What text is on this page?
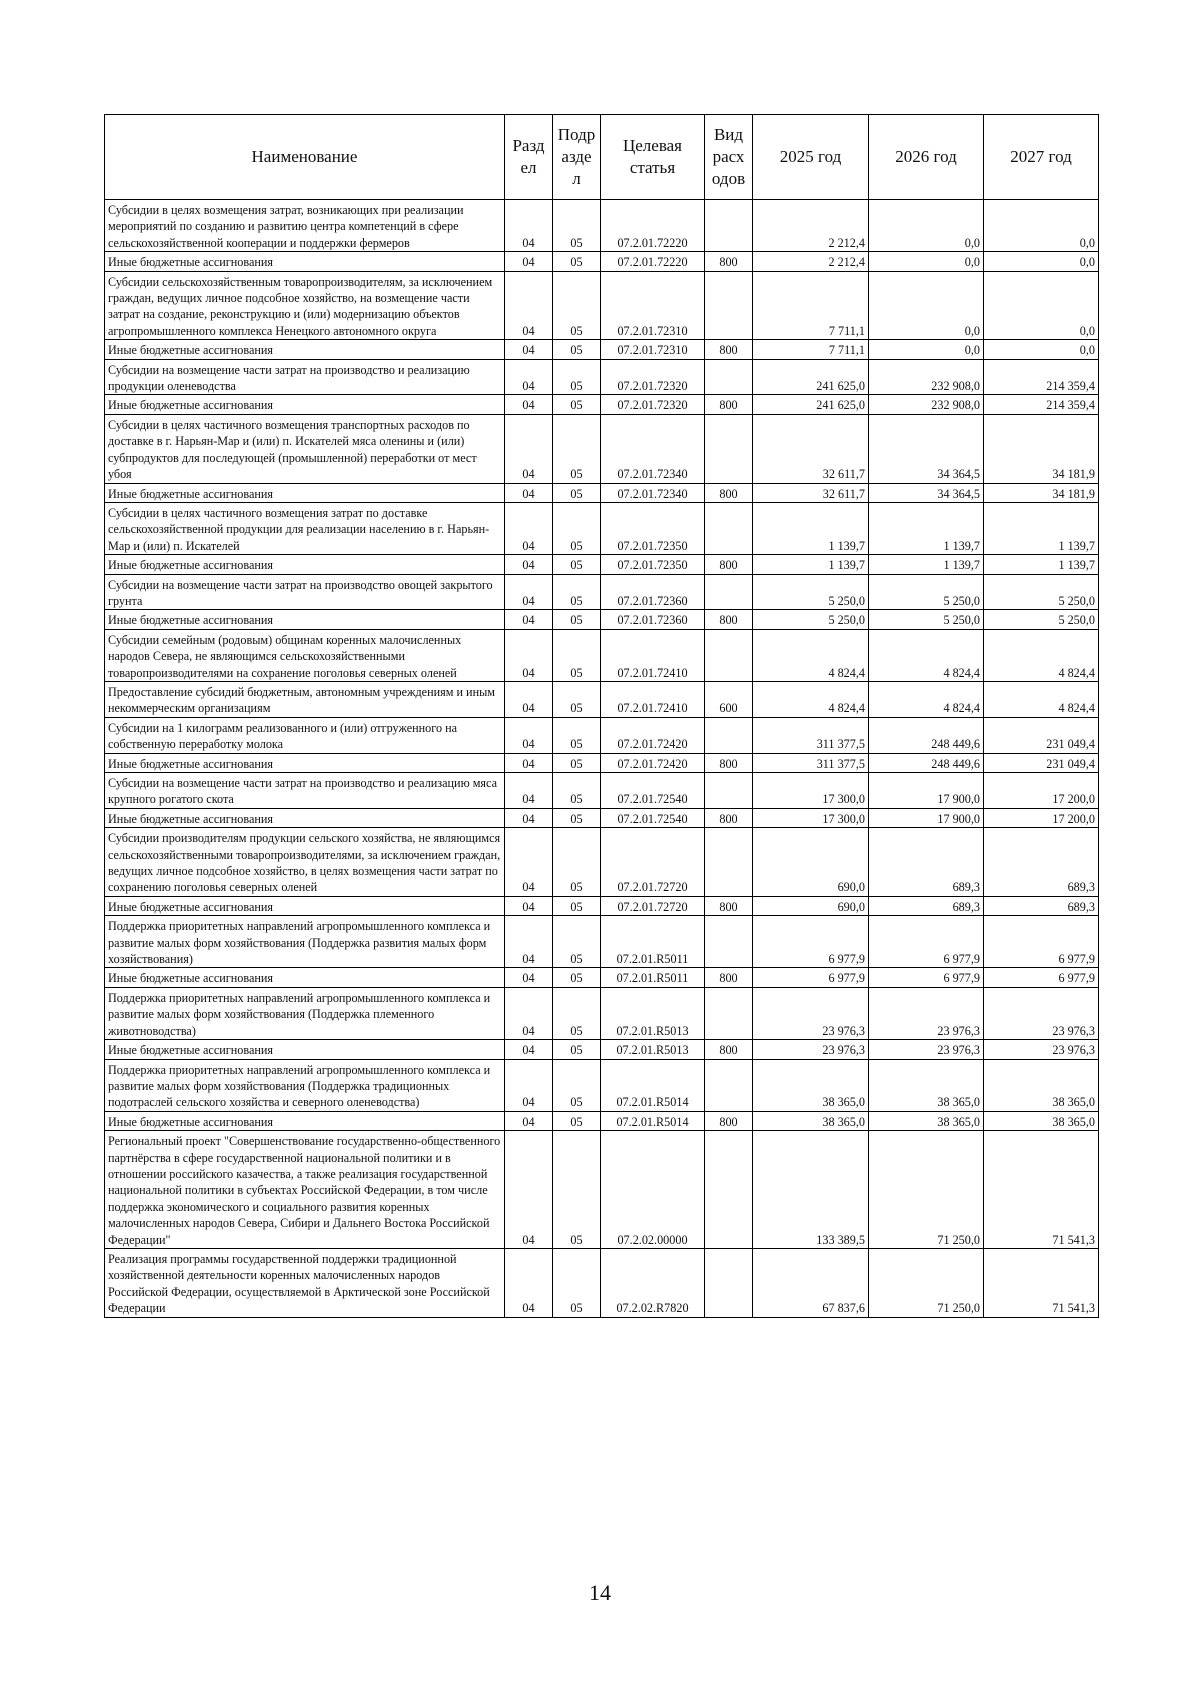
Наименование	Разд ел	Подр азде л	Целевая статья	Вид расх одов	2025 год	2026 год	2027 год
Субсидии в целях возмещения затрат, возникающих при реализации мероприятий по созданию и развитию центра компетенций в сфере сельскохозяйственной кооперации и поддержки фермеров	04	05	07.2.01.72220		2 212,4	0,0	0,0
Иные бюджетные ассигнования	04	05	07.2.01.72220	800	2 212,4	0,0	0,0
Субсидии сельскохозяйственным товаропроизводителям, за исключением граждан, ведущих личное подсобное хозяйство, на возмещение части затрат на создание, реконструкцию и (или) модернизацию объектов агропромышленного комплекса Ненецкого автономного округа	04	05	07.2.01.72310		7 711,1	0,0	0,0
Иные бюджетные ассигнования	04	05	07.2.01.72310	800	7 711,1	0,0	0,0
Субсидии на возмещение части затрат на производство и реализацию продукции оленеводства	04	05	07.2.01.72320		241 625,0	232 908,0	214 359,4
Иные бюджетные ассигнования	04	05	07.2.01.72320	800	241 625,0	232 908,0	214 359,4
Субсидии в целях частичного возмещения транспортных расходов по доставке в г. Нарьян-Мар и (или) п. Искателей мяса оленины и (или) субпродуктов для последующей (промышленной) переработки от мест убоя	04	05	07.2.01.72340		32 611,7	34 364,5	34 181,9
Иные бюджетные ассигнования	04	05	07.2.01.72340	800	32 611,7	34 364,5	34 181,9
Субсидии в целях частичного возмещения затрат по доставке сельскохозяйственной продукции для реализации населению в г. Нарьян-Мар и (или) п. Искателей	04	05	07.2.01.72350		1 139,7	1 139,7	1 139,7
Иные бюджетные ассигнования	04	05	07.2.01.72350	800	1 139,7	1 139,7	1 139,7
Субсидии на возмещение части затрат на производство овощей закрытого грунта	04	05	07.2.01.72360		5 250,0	5 250,0	5 250,0
Иные бюджетные ассигнования	04	05	07.2.01.72360	800	5 250,0	5 250,0	5 250,0
Субсидии семейным (родовым) общинам коренных малочисленных народов Севера, не являющимся сельскохозяйственными товаропроизводителями на сохранение поголовья северных оленей	04	05	07.2.01.72410		4 824,4	4 824,4	4 824,4
Предоставление субсидий бюджетным, автономным учреждениям и иным некоммерческим организациям	04	05	07.2.01.72410	600	4 824,4	4 824,4	4 824,4
Субсидии на 1 килограмм реализованного и (или) отгруженного на собственную переработку молока	04	05	07.2.01.72420		311 377,5	248 449,6	231 049,4
Иные бюджетные ассигнования	04	05	07.2.01.72420	800	311 377,5	248 449,6	231 049,4
Субсидии на возмещение части затрат на производство и реализацию мяса крупного рогатого скота	04	05	07.2.01.72540		17 300,0	17 900,0	17 200,0
Иные бюджетные ассигнования	04	05	07.2.01.72540	800	17 300,0	17 900,0	17 200,0
Субсидии производителям продукции сельского хозяйства, не являющимся сельскохозяйственными товаропроизводителями, за исключением граждан, ведущих личное подсобное хозяйство, в целях возмещения части затрат по сохранению поголовья северных оленей	04	05	07.2.01.72720		690,0	689,3	689,3
Иные бюджетные ассигнования	04	05	07.2.01.72720	800	690,0	689,3	689,3
Поддержка приоритетных направлений агропромышленного комплекса и развитие малых форм хозяйствования (Поддержка развития малых форм хозяйствования)	04	05	07.2.01.R5011		6 977,9	6 977,9	6 977,9
Иные бюджетные ассигнования	04	05	07.2.01.R5011	800	6 977,9	6 977,9	6 977,9
Поддержка приоритетных направлений агропромышленного комплекса и развитие малых форм хозяйствования (Поддержка племенного животноводства)	04	05	07.2.01.R5013		23 976,3	23 976,3	23 976,3
Иные бюджетные ассигнования	04	05	07.2.01.R5013	800	23 976,3	23 976,3	23 976,3
Поддержка приоритетных направлений агропромышленного комплекса и развитие малых форм хозяйствования (Поддержка традиционных подотраслей сельского хозяйства и северного оленеводства)	04	05	07.2.01.R5014		38 365,0	38 365,0	38 365,0
Иные бюджетные ассигнования	04	05	07.2.01.R5014	800	38 365,0	38 365,0	38 365,0
Региональный проект "Совершенствование государственно-общественного партнёрства в сфере государственной национальной политики и в отношении российского казачества, а также реализация государственной национальной политики в субъектах Российской Федерации, в том числе поддержка экономического и социального развития коренных малочисленных народов Севера, Сибири и Дальнего Востока Российской Федерации"	04	05	07.2.02.00000		133 389,5	71 250,0	71 541,3
Реализация программы государственной поддержки традиционной хозяйственной деятельности коренных малочисленных народов Российской Федерации, осуществляемой в Арктической зоне Российской Федерации	04	05	07.2.02.R7820		67 837,6	71 250,0	71 541,3
14
